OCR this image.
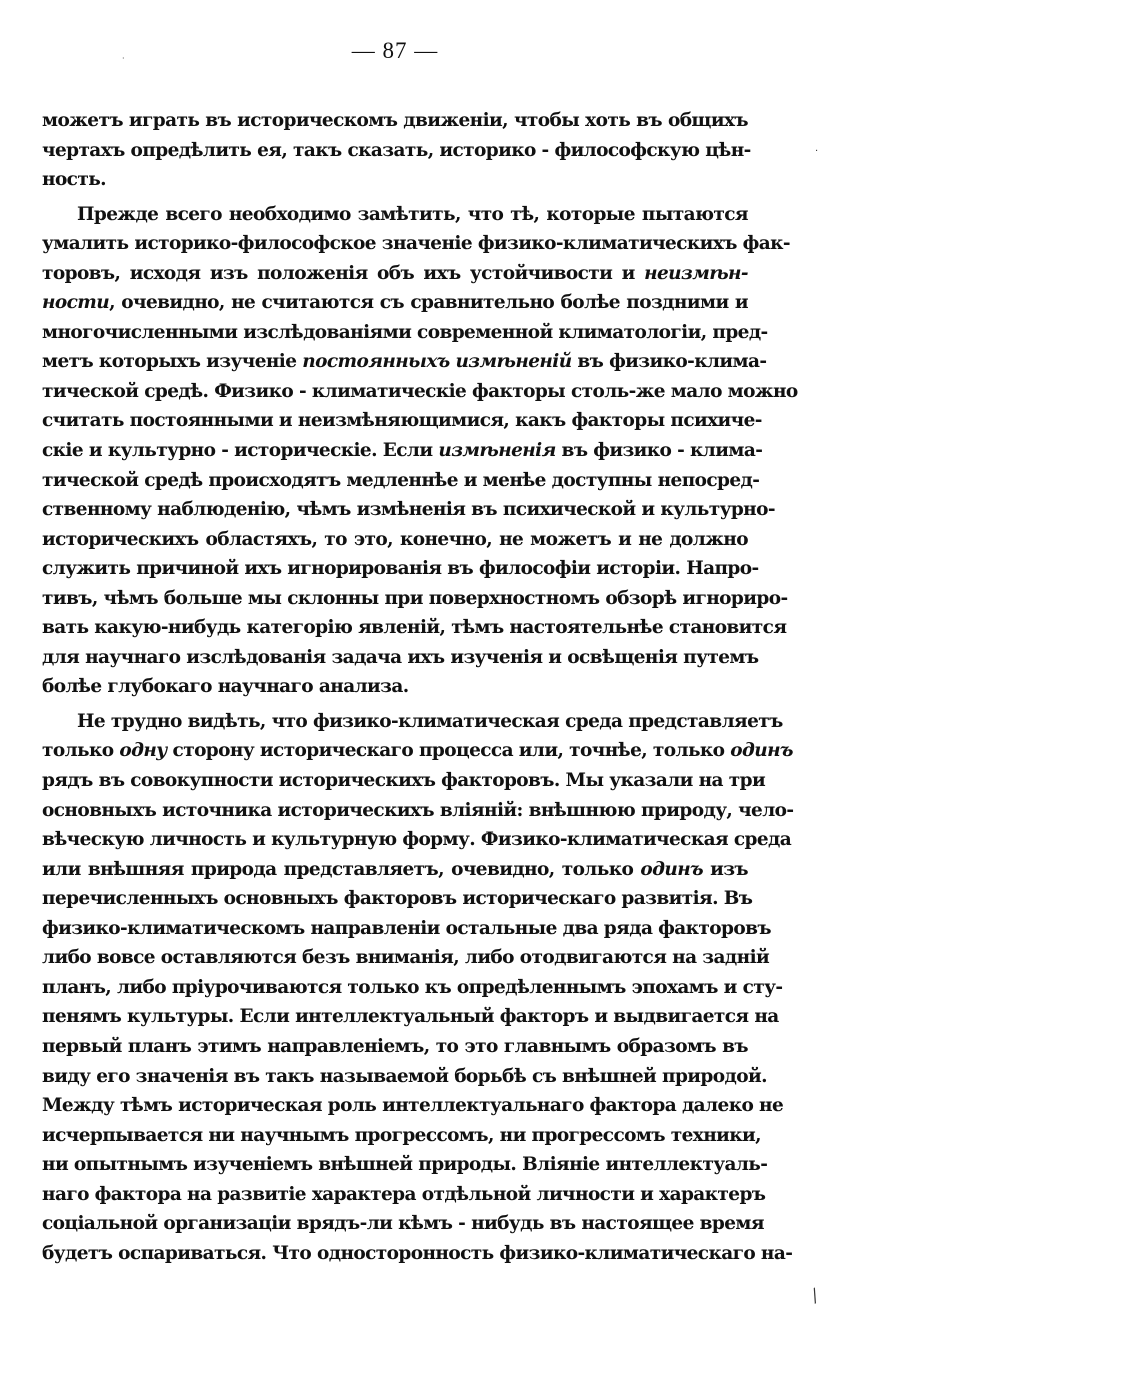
— 87 —
можетъ играть въ историческомъ движеніи, чтобы хоть въ общихъ
чертахъ опредѣлить ея, такъ сказать, историко - философскую цѣн-
ность.
Прежде всего необходимо замѣтить, что тѣ, которые пытаются
умалить историко-философское значеніе физико-климатическихъ фак-
торовъ, исходя изъ положенія объ ихъ устойчивости и неизмѣн-
ности, очевидно, не считаются съ сравнительно болѣе поздними и
многочисленными изслѣдованіями современной климатологіи, пред-
метъ которыхъ изученіе постоянныхъ измѣненій въ физико-клима-
тической средѣ. Физико - климатическіе факторы столь-же мало можно
считать постоянными и неизмѣняющимися, какъ факторы психиче-
скіе и культурно - историческіе. Если измѣненія въ физико - клима-
тической средѣ происходятъ медленнѣе и менѣе доступны непосред-
ственному наблюденію, чѣмъ измѣненія въ психической и культурно-
историческихъ областяхъ, то это, конечно, не можетъ и не должно
служить причиной ихъ игнорированія въ философіи исторіи. Напро-
тивъ, чѣмъ больше мы склонны при поверхностномъ обзорѣ игнориро-
вать какую-нибудь категорію явленій, тѣмъ настоятельнѣе становится
для научнаго изслѣдованія задача ихъ изученія и освѣщенія путемъ
болѣе глубокаго научнаго анализа.
Не трудно видѣть, что физико-климатическая среда представляетъ
только одну сторону историческаго процесса или, точнѣе, только одинъ
рядъ въ совокупности историческихъ факторовъ. Мы указали на три
основныхъ источника историческихъ вліяній: внѣшнюю природу, чело-
вѣческую личность и культурную форму. Физико-климатическая среда
или внѣшняя природа представляетъ, очевидно, только одинъ изъ
перечисленныхъ основныхъ факторовъ историческаго развитія. Въ
физико-климатическомъ направленіи остальные два ряда факторовъ
либо вовсе оставляются безъ вниманія, либо отодвигаются на задній
планъ, либо пріурочиваются только къ опредѣленнымъ эпохамъ и сту-
пенямъ культуры. Если интеллектуальный факторъ и выдвигается на
первый планъ этимъ направленіемъ, то это главнымъ образомъ въ
виду его значенія въ такъ называемой борьбѣ съ внѣшней природой.
Между тѣмъ историческая роль интеллектуальнаго фактора далеко не
исчерпывается ни научнымъ прогрессомъ, ни прогрессомъ техники,
ни опытнымъ изученіемъ внѣшней природы. Вліяніе интеллектуаль-
наго фактора на развитіе характера отдѣльной личности и характеръ
соціальной организаціи врядъ-ли кѣмъ - нибудь въ настоящее время
будетъ оспариваться. Что односторонность физико-климатическаго на-
·
·
⁄
